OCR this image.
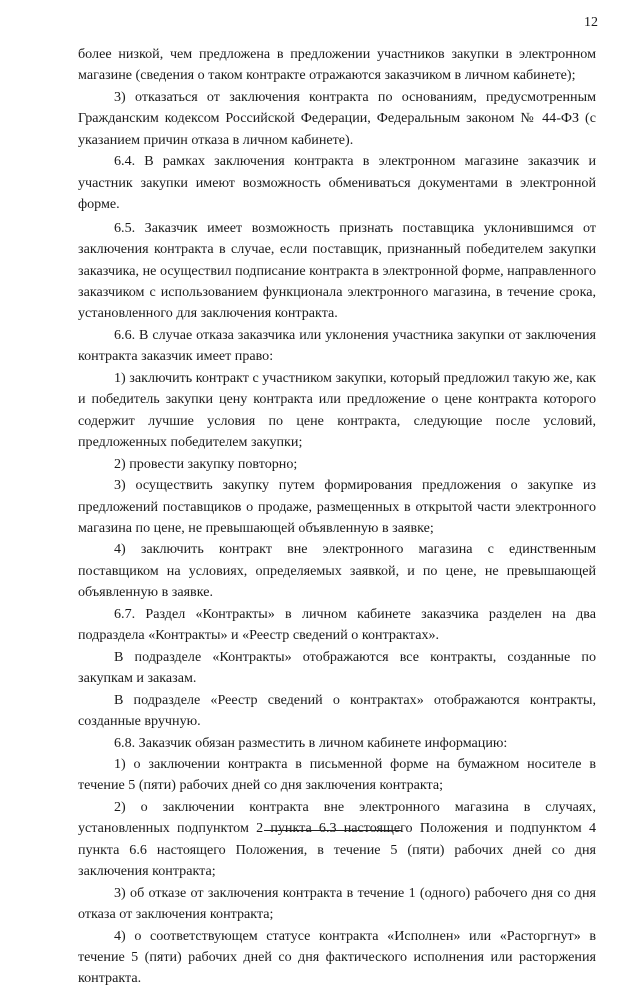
12

более низкой, чем предложена в предложении участников закупки в электронном магазине (сведения о таком контракте отражаются заказчиком в личном кабинете);

3) отказаться от заключения контракта по основаниям, предусмотренным Гражданским кодексом Российской Федерации, Федеральным законом № 44-ФЗ (с указанием причин отказа в личном кабинете).

6.4. В рамках заключения контракта в электронном магазине заказчик и участник закупки имеют возможность обмениваться документами в электронной форме.

6.5. Заказчик имеет возможность признать поставщика уклонившимся от заключения контракта в случае, если поставщик, признанный победителем закупки заказчика, не осуществил подписание контракта в электронной форме, направленного заказчиком с использованием функционала электронного магазина, в течение срока, установленного для заключения контракта.

6.6. В случае отказа заказчика или уклонения участника закупки от заключения контракта заказчик имеет право:

1) заключить контракт с участником закупки, который предложил такую же, как и победитель закупки цену контракта или предложение о цене контракта которого содержит лучшие условия по цене контракта, следующие после условий, предложенных победителем закупки;

2) провести закупку повторно;

3) осуществить закупку путем формирования предложения о закупке из предложений поставщиков о продаже, размещенных в открытой части электронного магазина по цене, не превышающей объявленную в заявке;

4) заключить контракт вне электронного магазина с единственным поставщиком на условиях, определяемых заявкой, и по цене, не превышающей объявленную в заявке.

6.7. Раздел «Контракты» в личном кабинете заказчика разделен на два подраздела «Контракты» и «Реестр сведений о контрактах».

В подразделе «Контракты» отображаются все контракты, созданные по закупкам и заказам.

В подразделе «Реестр сведений о контрактах» отображаются контракты, созданные вручную.

6.8. Заказчик обязан разместить в личном кабинете информацию:

1) о заключении контракта в письменной форме на бумажном носителе в течение 5 (пяти) рабочих дней со дня заключения контракта;

2) о заключении контракта вне электронного магазина в случаях, установленных подпунктом 2 пункта 6.3 настоящего Положения и подпунктом 4 пункта 6.6 настоящего Положения, в течение 5 (пяти) рабочих дней со дня заключения контракта;

3) об отказе от заключения контракта в течение 1 (одного) рабочего дня со дня отказа от заключения контракта;

4) о соответствующем статусе контракта «Исполнен» или «Расторгнут» в течение 5 (пяти) рабочих дней со дня фактического исполнения или расторжения контракта.
